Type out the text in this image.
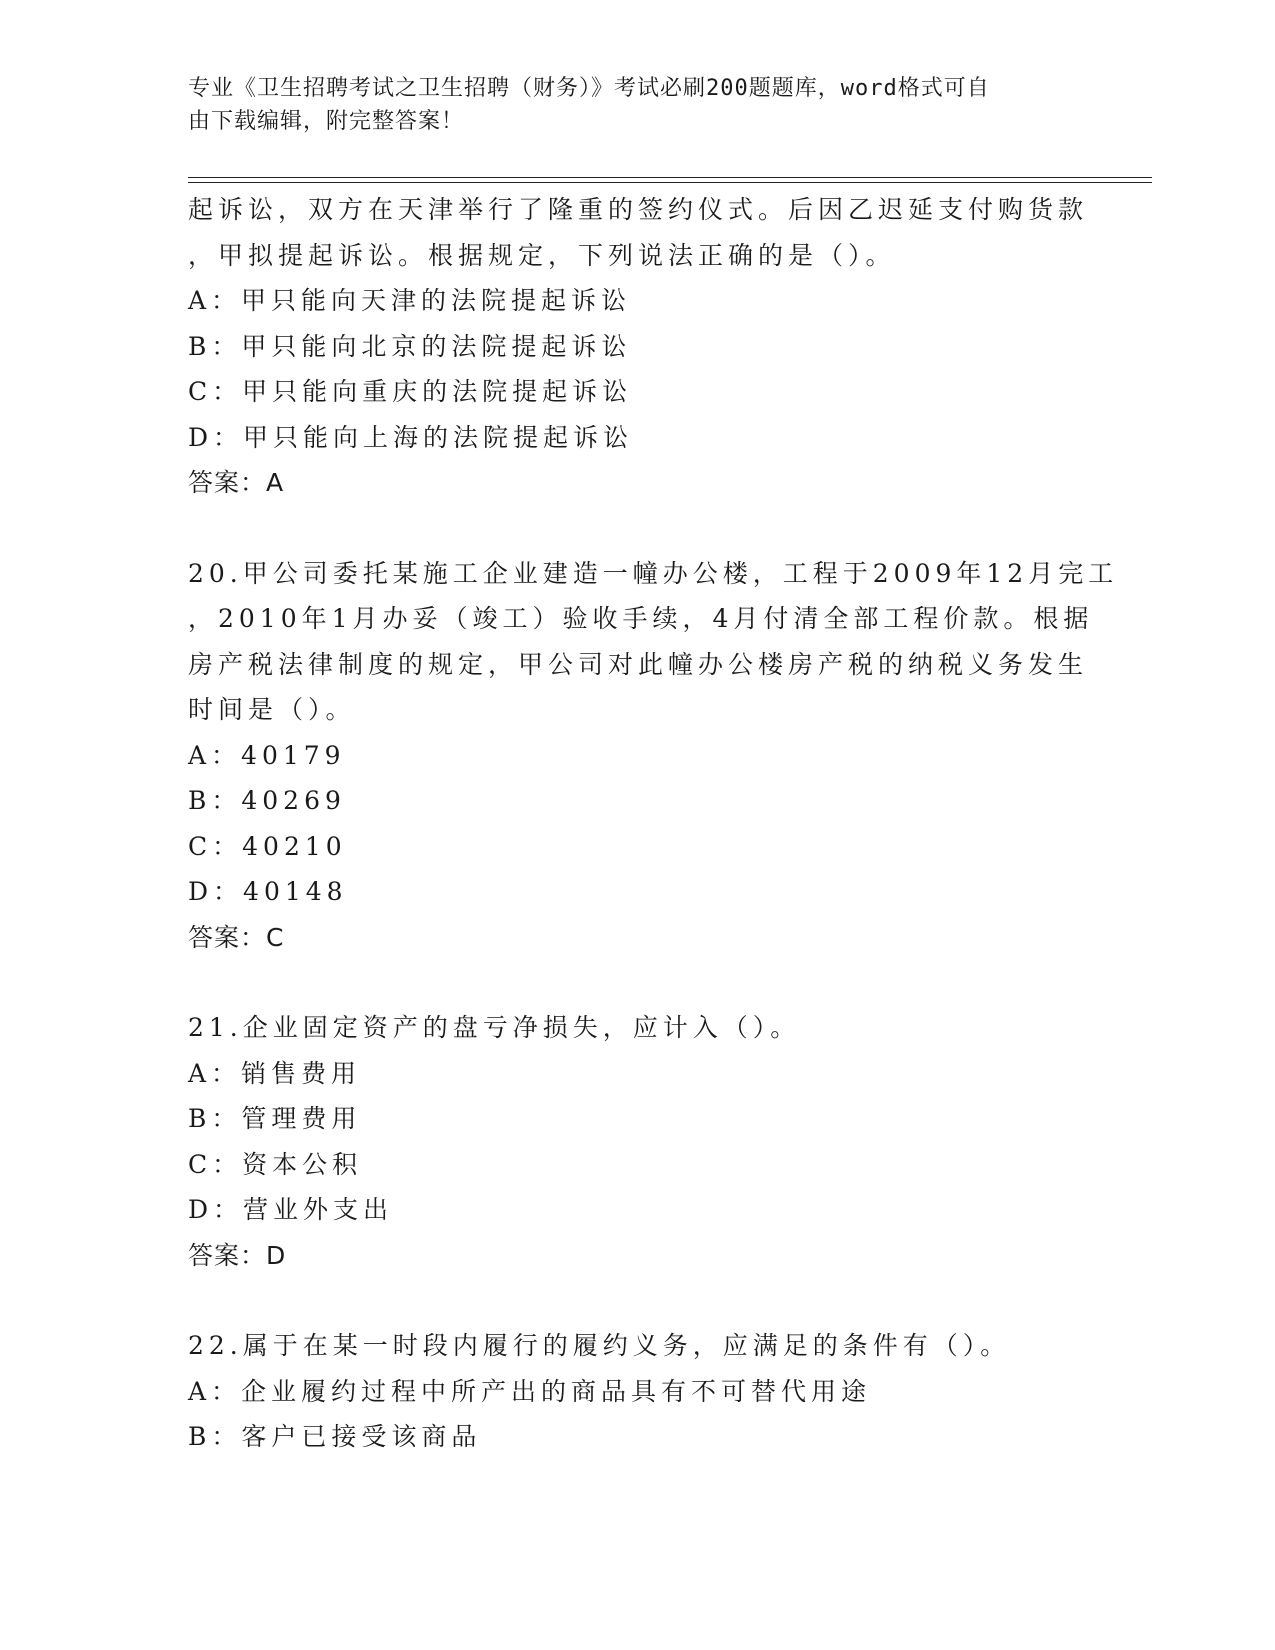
专业《卫生招聘考试之卫生招聘（财务）》考试必刷200题题库，word格式可自
由下载编辑，附完整答案！
起诉讼，双方在天津举行了隆重的签约仪式。后因乙迟延支付购货款
，甲拟提起诉讼。根据规定，下列说法正确的是（）。
A：甲只能向天津的法院提起诉讼
B：甲只能向北京的法院提起诉讼
C：甲只能向重庆的法院提起诉讼
D：甲只能向上海的法院提起诉讼
答案：A
20.甲公司委托某施工企业建造一幢办公楼，工程于2009年12月完工
，2010年1月办妥（竣工）验收手续，4月付清全部工程价款。根据
房产税法律制度的规定，甲公司对此幢办公楼房产税的纳税义务发生
时间是（）。
A：40179
B：40269
C：40210
D：40148
答案：C
21.企业固定资产的盘亏净损失，应计入（）。
A：销售费用
B：管理费用
C：资本公积
D：营业外支出
答案：D
22.属于在某一时段内履行的履约义务，应满足的条件有（）。
A：企业履约过程中所产出的商品具有不可替代用途
B：客户已接受该商品
